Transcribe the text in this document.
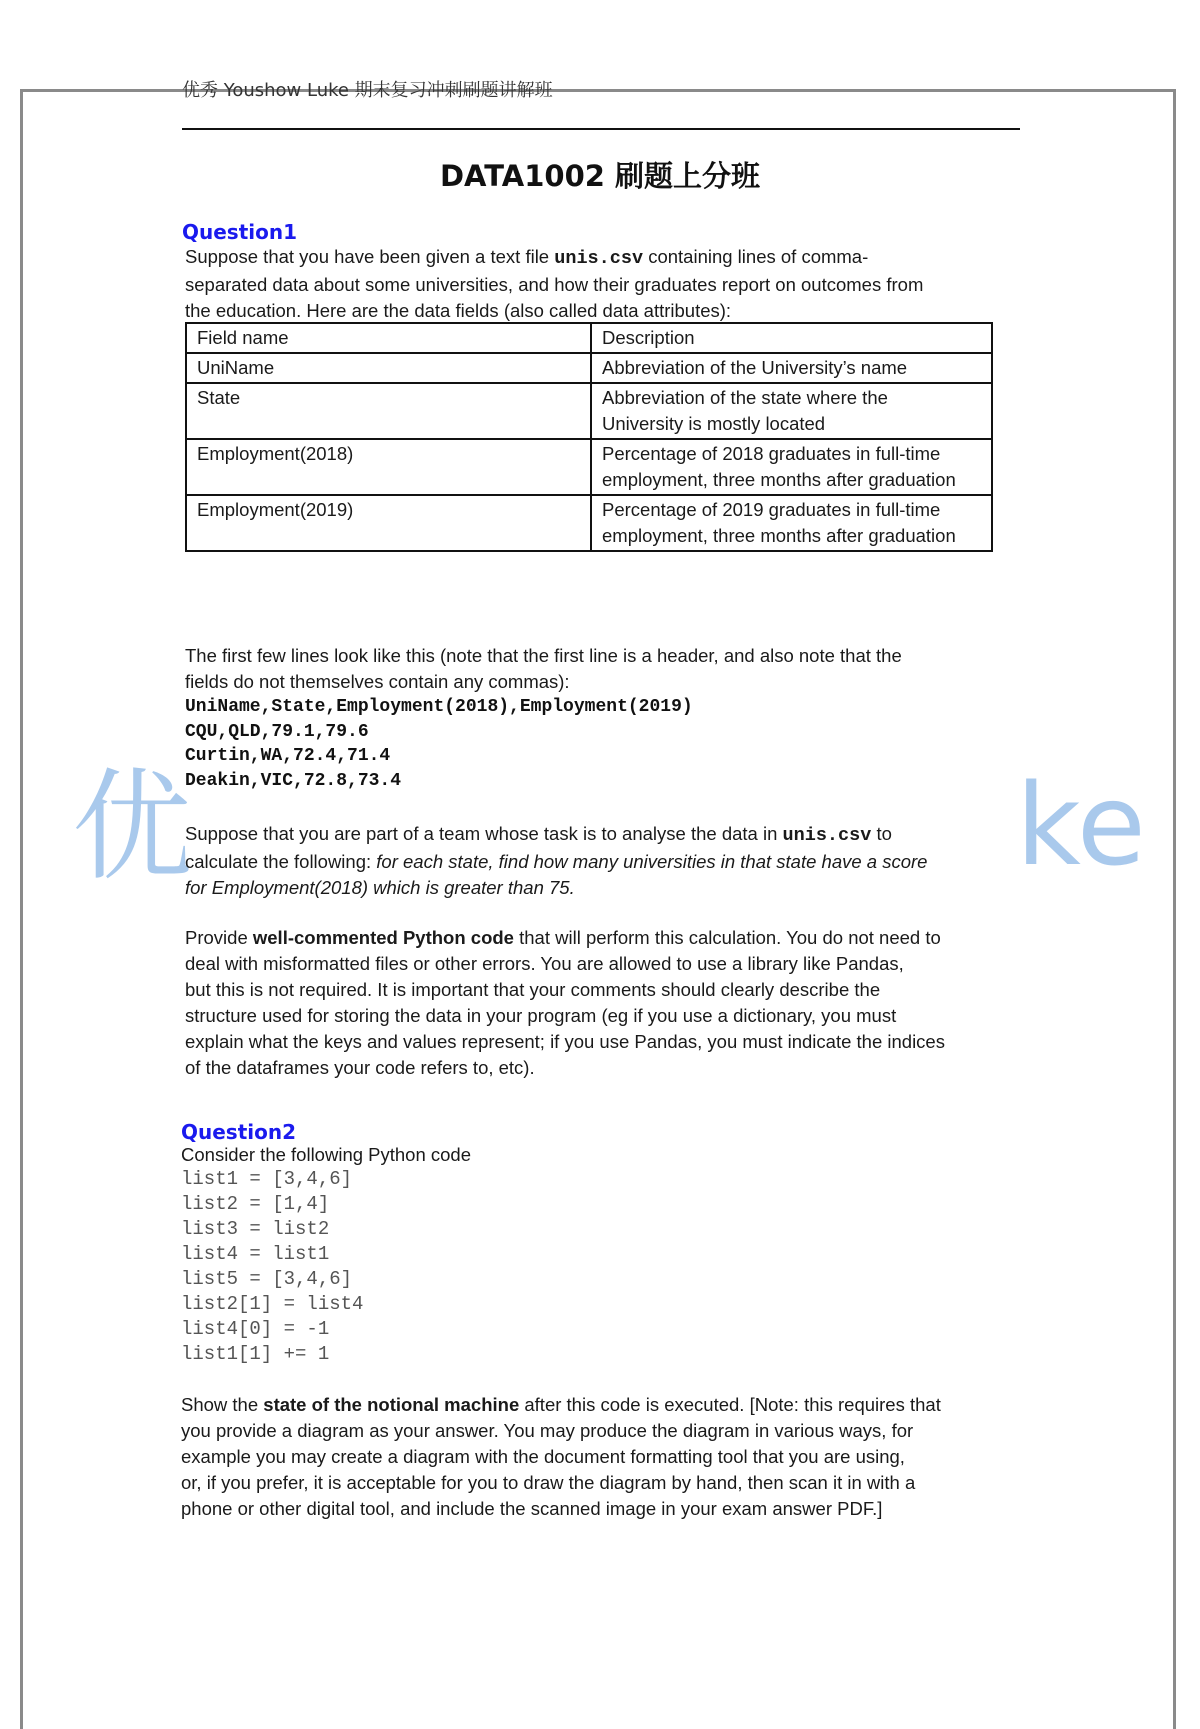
优	ke
优秀 Youshow Luke 期末复习冲刺刷题讲解班
DATA1002 刷题上分班
Question1
Suppose that you have been given a text file unis.csv containing lines of comma-
separated data about some universities, and how their graduates report on outcomes from
the education. Here are the data fields (also called data attributes):
Field name	Description
UniName	Abbreviation of the University’s name
State	Abbreviation of the state where the University is mostly located
Employment(2018)	Percentage of 2018 graduates in full-time employment, three months after graduation
Employment(2019)	Percentage of 2019 graduates in full-time employment, three months after graduation
The first few lines look like this (note that the first line is a header, and also note that the
fields do not themselves contain any commas):
UniName,State,Employment(2018),Employment(2019)
CQU,QLD,79.1,79.6
Curtin,WA,72.4,71.4
Deakin,VIC,72.8,73.4
Suppose that you are part of a team whose task is to analyse the data in unis.csv to
calculate the following: for each state, find how many universities in that state have a score
for Employment(2018) which is greater than 75.
Provide well-commented Python code that will perform this calculation. You do not need to
deal with misformatted files or other errors. You are allowed to use a library like Pandas,
but this is not required. It is important that your comments should clearly describe the
structure used for storing the data in your program (eg if you use a dictionary, you must
explain what the keys and values represent; if you use Pandas, you must indicate the indices
of the dataframes your code refers to, etc).
Question2
Consider the following Python code
list1 = [3,4,6]
list2 = [1,4]
list3 = list2
list4 = list1
list5 = [3,4,6]
list2[1] = list4
list4[0] = -1
list1[1] += 1
Show the state of the notional machine after this code is executed. [Note: this requires that
you provide a diagram as your answer. You may produce the diagram in various ways, for
example you may create a diagram with the document formatting tool that you are using,
or, if you prefer, it is acceptable for you to draw the diagram by hand, then scan it in with a
phone or other digital tool, and include the scanned image in your exam answer PDF.]
